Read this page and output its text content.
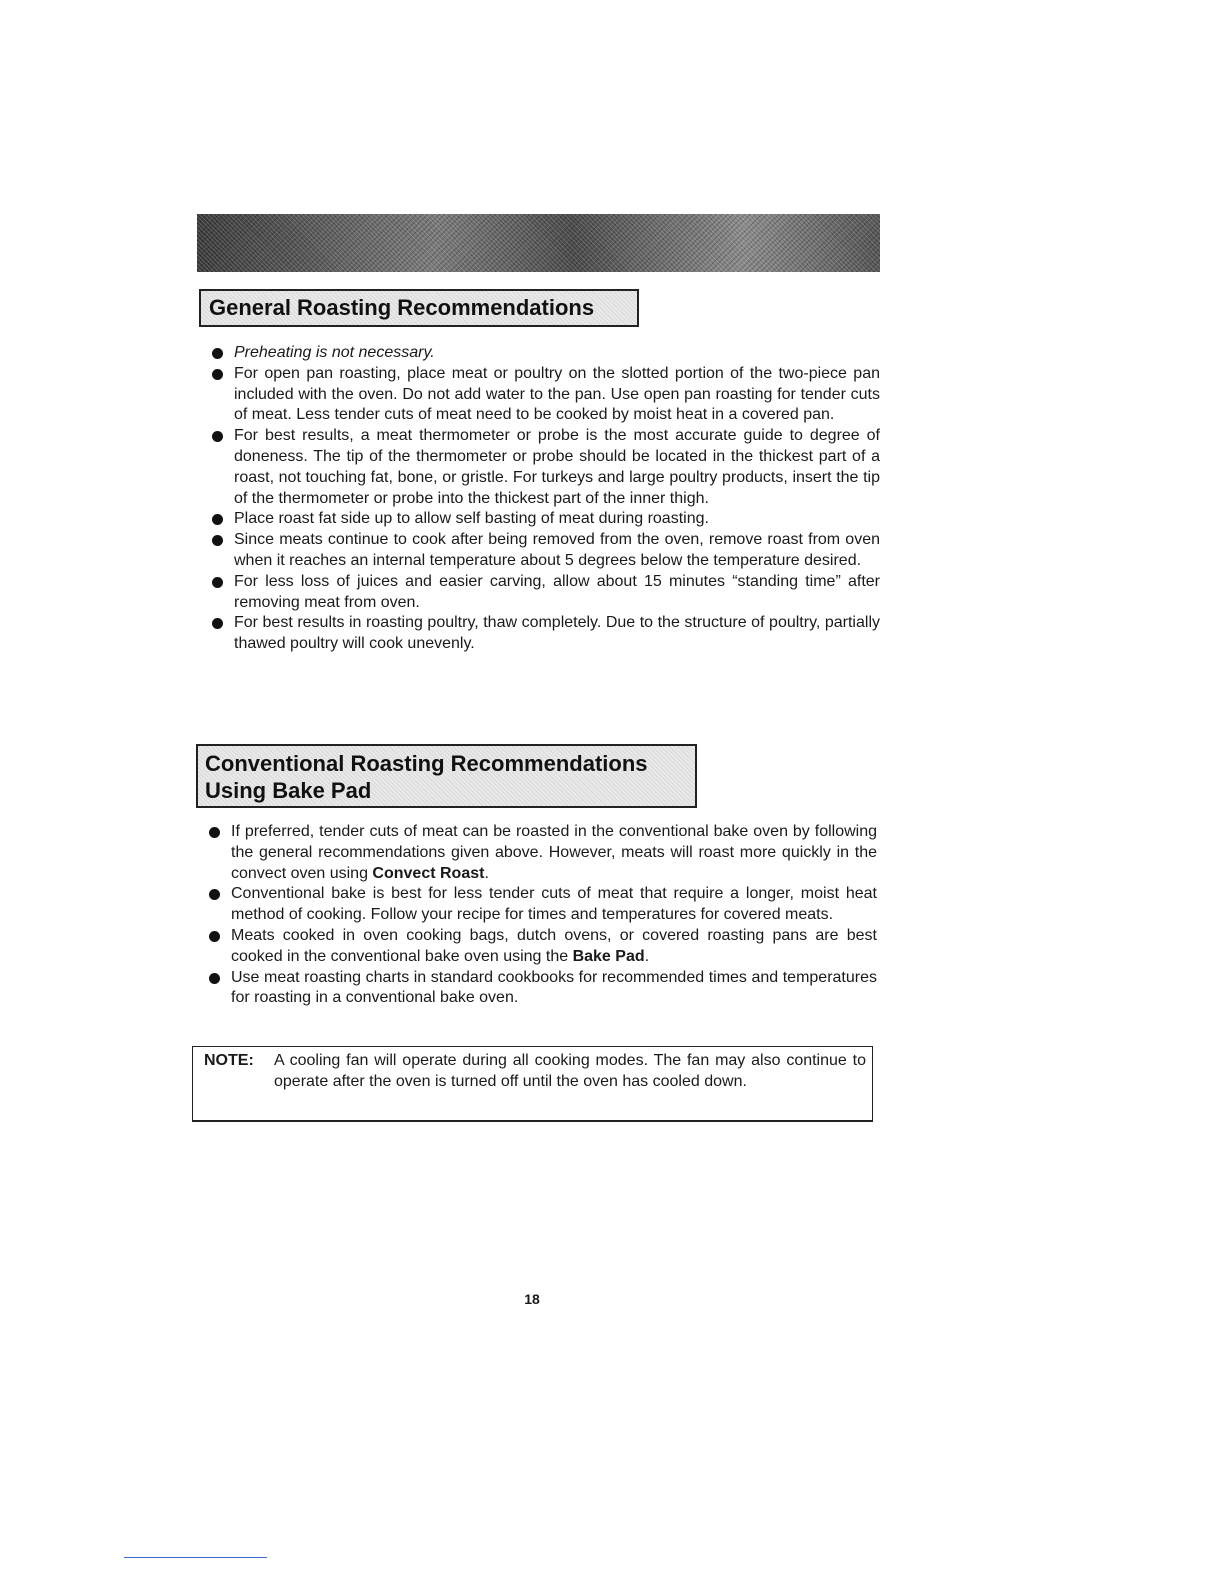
General Roasting Recommendations
Preheating is not necessary.
For open pan roasting, place meat or poultry on the slotted portion of the two-piece pan included with the oven. Do not add water to the pan. Use open pan roasting for tender cuts of meat. Less tender cuts of meat need to be cooked by moist heat in a covered pan.
For best results, a meat thermometer or probe is the most accurate guide to degree of doneness. The tip of the thermometer or probe should be located in the thickest part of a roast, not touching fat, bone, or gristle. For turkeys and large poultry products, insert the tip of the thermometer or probe into the thickest part of the inner thigh.
Place roast fat side up to allow self basting of meat during roasting.
Since meats continue to cook after being removed from the oven, remove roast from oven when it reaches an internal temperature about 5 degrees below the temperature desired.
For less loss of juices and easier carving, allow about 15 minutes “standing time” after removing meat from oven.
For best results in roasting poultry, thaw completely. Due to the structure of poultry, partially thawed poultry will cook unevenly.
Conventional Roasting Recommendations
Using Bake Pad
If preferred, tender cuts of meat can be roasted in the conventional bake oven by following the general recommendations given above. However, meats will roast more quickly in the convect oven using Convect Roast.
Conventional bake is best for less tender cuts of meat that require a longer, moist heat method of cooking. Follow your recipe for times and temperatures for covered meats.
Meats cooked in oven cooking bags, dutch ovens, or covered roasting pans are best cooked in the conventional bake oven using the Bake Pad.
Use meat roasting charts in standard cookbooks for recommended times and temperatures for roasting in a conventional bake oven.
NOTE: A cooling fan will operate during all cooking modes. The fan may also continue to operate after the oven is turned off until the oven has cooled down.
18
